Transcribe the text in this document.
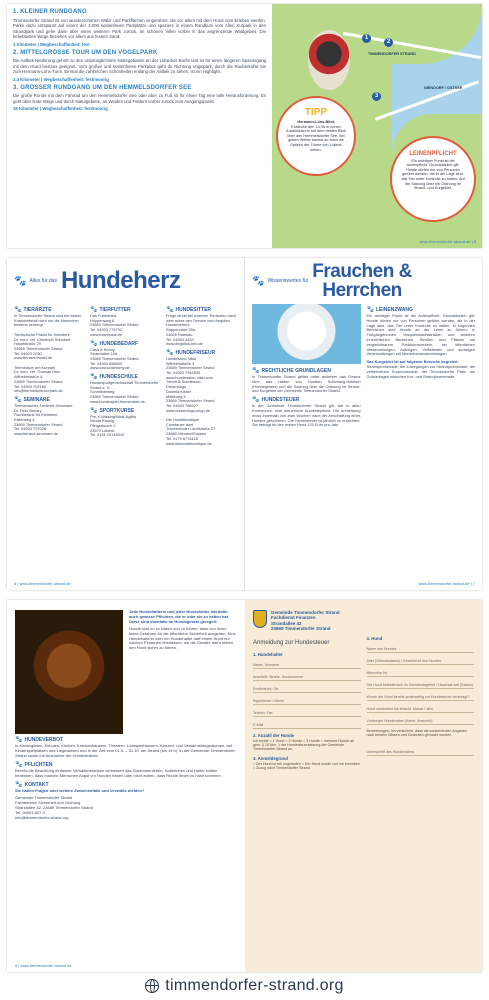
1. KLEINER RUNDGANG

Timmendorfer Strand ist von wunderschönen Wald- und Parkflächen eingerahmt, die vor allem mit dem Hund zum Erleben werden. Parke dazu entspannt auf einem der 3.000 kostenfreien Parkplätze und spaziere in einem Rundkurs vom Allen Kurpark in den Strandpark und gehe dann über einen weiteren Park zurück, an schönen Villen vorbei in das angrenzende Waldgebiet. Die beliebtesten Wege beziehen vor allem aus festem Sand.

1 Kilometer | Wegbeschaffenheit: fest

2. MITTELGROSSE TOUR UM DEN VOGELPARK

Die Aalbek-Niederung gehört zu den ursprünglichsten Naturgebieten an der Lübecker Bucht und ist für einen längeren Spaziergang mit dem Hund bestens geeignet. Vom großen und kostenfreien Parkplatz geht du Richtung Vogelpark, durch die Rauberkuhle bis zum Hermann-Löns-Turm. Einmal die zahlreichen Schönheiten entlang der Aalbek zu sehen, ist ein Highlight.

2,4 Kilometer | Wegbeschaffenheit: fest/moorig

3. GROSSER RUNDGANG UM DEN HEMMELSDORFER SEE

Die große Runde mit dem Fahrrad um den Hemmelsdorfer See oder aber zu Fuß ist für einen Tag eine tolle Herausforderung. Es geht über feste Wege und durch Naturgebiete, an Weiden und Feldern vorbei zurück zum Ausgangspunkt.

16 Kilometer | Wegbeschaffenheit: fest/moorig

1
2
3
TIMMENDORFER STRAND
NIENDORF / OSTSEE
TIPP
Hermann-Löns-Blick
Entdecke den 14,35 m hohen Aussichtsturm mit dem besten Blick über den Hemmelsdorfer See. Bei gutem Wetter kannst du auch die Spitzen der Türme von Lübeck sehen.
LEINENPFLICHT
Ein wichtiger Punkt ist die Anleinpflicht. Grundsätzlich gilt: Hunde dürfen nur von Personen geführt werden, die in der Lage sind, das Tier unter Kontrolle zu halten. Auf die Satzung über die Ordnung im Strand- und Kurgebiet.
www.timmendorfer-strand.de | 5
🐾 Alles für das Hundeherz
🐾 TIERÄRZTE
In Timmendorfer Strand sind bei einem Krankheitsfall nicht nur die Menschen bestens versorgt.

Tierärztliche Praxis für Kleintiere
Dr. med. vet. Christoph Schubert
Hauptstraße 29
23669 Timmendorfer Strand
Tel. 04503 2030
www.tierarzt-ewald.de

Tiermedizin am Kurpark
Dr. med. vet. Thomas Hinz
Wilhelmstraße 4
23669 Timmendorfer Strand
Tel. 04503 702160
info@tiermedizin-kurpark.de
🐾 SEMINARE
Timmendorfer-Tierärzte-Seminare
Dr. Felix Benary
Fachtierarzt für Kleintiere
Elsterweg 4
23669 Timmendorfer Strand
Tel. 04503 707026
www.tierarzt-seminare.de
🐾 TIERFUTTER
Das Futterhaus
Hüppenweg 8
23669 Timmendorfer Strand
Tel. 04503 779793
www.futterhaus.de
🐾 HUNDEBEDARF
Caso & Emmy
Strandallee 106
23669 Timmendorfer Strand
Tel. 04503 898500
www.casoundemmy.de
🐾 HUNDESCHULE
Hundesportgemeinschaft Timmendorfer Strand e. V.
Schmiedeweg
23669 Timmendorfer Strand
www.hundesport-timmendorf.de
🐾 SPORTKURSE
Pre-X-Walking/Walk-Agility
Nicola Raunig
Pfingstbusch 2
23570 Lübeck
Tel. 0151 24149010
🐾 HUNDESITTER
Frage direkt bei unseren Tierärzten nach oder nutze den Service vom Aegidius Hundebetreut
Rupperzdorf 39a
23626 Ratekau
Tel. 04504 4433
www.aegidius-info.de
🐾 HUNDEFRISEUR
Hundesalon Nikki
Wilhelmstraße 3
23669 Timmendorfer Strand
Tel. 04503 7944530
www.hundesalon-nikki.com
Trimm & Schnittsalo
Dreamdogs
Daniela Kistler
Mittelweg 4
23669 Timmendorfer Strand
Tel. 04503 786927
www.dreamdogs-shop.de

Die Hundeboutique
Constanze Isert
Travemünder Landstraße 27
23669 Niendorf/Ostsee
Tel. 0179 6778118
www.diehundeboutique.de
6 | www.timmendorfer-strand.de
🐾 Wissenswertes für Frauchen &
Herrchen
🐾 RECHTLICHE GRUNDLAGEN
In Timmendorfer Strand gelten unter anderem das Gesetz über das Halten von Hunden Schleswig-Holstein (Hundegesetz) und die Satzung über die Ordnung im Strand- und Kurgebiet der Gemeinde Timmendorfer Strand.
🐾 HUNDESTEUER
In der Gemeinde Timmendorfer Strand gilt, wie in allen Kommunen, eine steuerliche Anmeldepflicht. Die Anmeldung muss innerhalb von zwei Wochen nach der Anschaffung eines Hundes geschehen. Die Hundesteuer ist jährlich zu entrichten. Sie beträgt für den ersten Hund 120 Euro pro Jahr.
🐾 LEINENZWANG
Ein wichtiger Punkt ist die Anleinpflicht. Grundsätzlich gilt: Hunde dürfen nur von Personen geführt werden, die in der Lage sind, das Tier unter Kontrolle zu halten. In folgenden Bereichen sind Hunde an der Leine zu führen: in Fußgängerzonen, Haupteinkaufsstraßen und anderen innerörtlichen Bereichen, Straßen und Plätzen mit vergleichbarem Publikumsverkehr, bei öffentlichen Versammlungen, Aufzügen, Volksfesten und sonstigen Veranstaltungen mit Menschenansammlungen.
Das Kurgebiet ist auf folgende Bereiche begrenzt:
Strandpromenade, die Zuwegungen zur Strandpromenade, die verkehrsfreie Kurpromenade, der Timmendorfer Platz, die Grünanlagen zwischen Kur- und Strandpromenade.
www.timmendorfer-strand.de | 7
Jede Hundehalterin und jeder Hundehalter hat dafür auch gewisse Pflichten, die er oder sie zu halten hat. Diese sind ebenfalls im Hundegesetz geregelt:
Hunde sind so zu halten und zu führen, dass von ihnen keine Gefahren für die öffentliche Sicherheit ausgehen. Eine Hundehalterin oder ein Hundehalter darf einem Hund nur solchen Personen überlassen, die die Gewähr dafür bieten, den Hund sicher zu führen.
🐾 HUNDEVERBOT
In Kindergärten, Schulen, Kirchen, Krankenhäusern, Theatern, Lichtspielhäusern, Konzert- und Versammlungsräumen, auf Kinderspielplätzen und Liegewiesen und in der Zeit vom 01.5. – 31.10. am Strand (bis 19 h). In der Gemeinde Timmendorfer Strand sowie mit Ausnahme der Hundestrände.
🐾 PFLICHTEN
Bereits die Beachtung einfacher Verhaltensweisen verbessert das Zusammenleben. Halterinnen und Halter sollten bedenken, dass manche Menschen Angst vor Hunden haben oder nicht wollen, dass Hunde ihnen zu nahe kommen.
🐾 KONTAKT
Sie haben Fragen oder weitere Zwischenfälle und Verstöße melden?
Gemeinde Timmendorfer Strand
Fachbereich Sicherheit und Ordnung
Strandallee 42, 23669 Timmendorfer Strand
Tel. 04503 807-0
info@timmendorfer-strand.org
8 | www.timmendorfer-strand.de
Gemeinde Timmendorfer Strand
Fachdienst Finanzen
Strandallee 42
23669 Timmendorfer Strand
Anmeldung zur Hundesteuer
1. Hundehalter
Name, Vorname
Anschrift: Straße, Hausnummer
Postleitzahl, Ort
Eigentümer / Mieter
Telefon, Fax
E-Mail
2. Anzahl der Hunde
Ich melde ○ 1 Hund ○ 2 Hunde ○ 3 Hunde ○ mehrere Hunde ab gem. § 10 Abs. 1 der Hundesteuersatzung der Gemeinde Timmendorfer Strand an.
3. Anmeldegrund
○ Der Hund ist mir zugelaufen ○ Der Hund wurde von mir erworben ○ Zuzug nach Timmendorfer Strand
4. Hund
Name des Hundes
Alter (Geburtsdatum) / Geschlecht des Hundes
Mikrochip-Nr.
Der Hund befindet sich im Gemeindegebiet / Haushalt seit (Datum)
Wurde der Hund bereits anderweitig zur Hundesteuer veranlagt?
Hund verstorben bis einschl. Monat / Jahr
Vorheriger Hundehalter (Name, Anschrift)
Bemerkungen: Ich versichere, dass die vorstehenden Angaben nach bestem Wissen und Gewissen gemacht wurden.
Unterschrift des Hundehalters
timmendorfer-strand.org
